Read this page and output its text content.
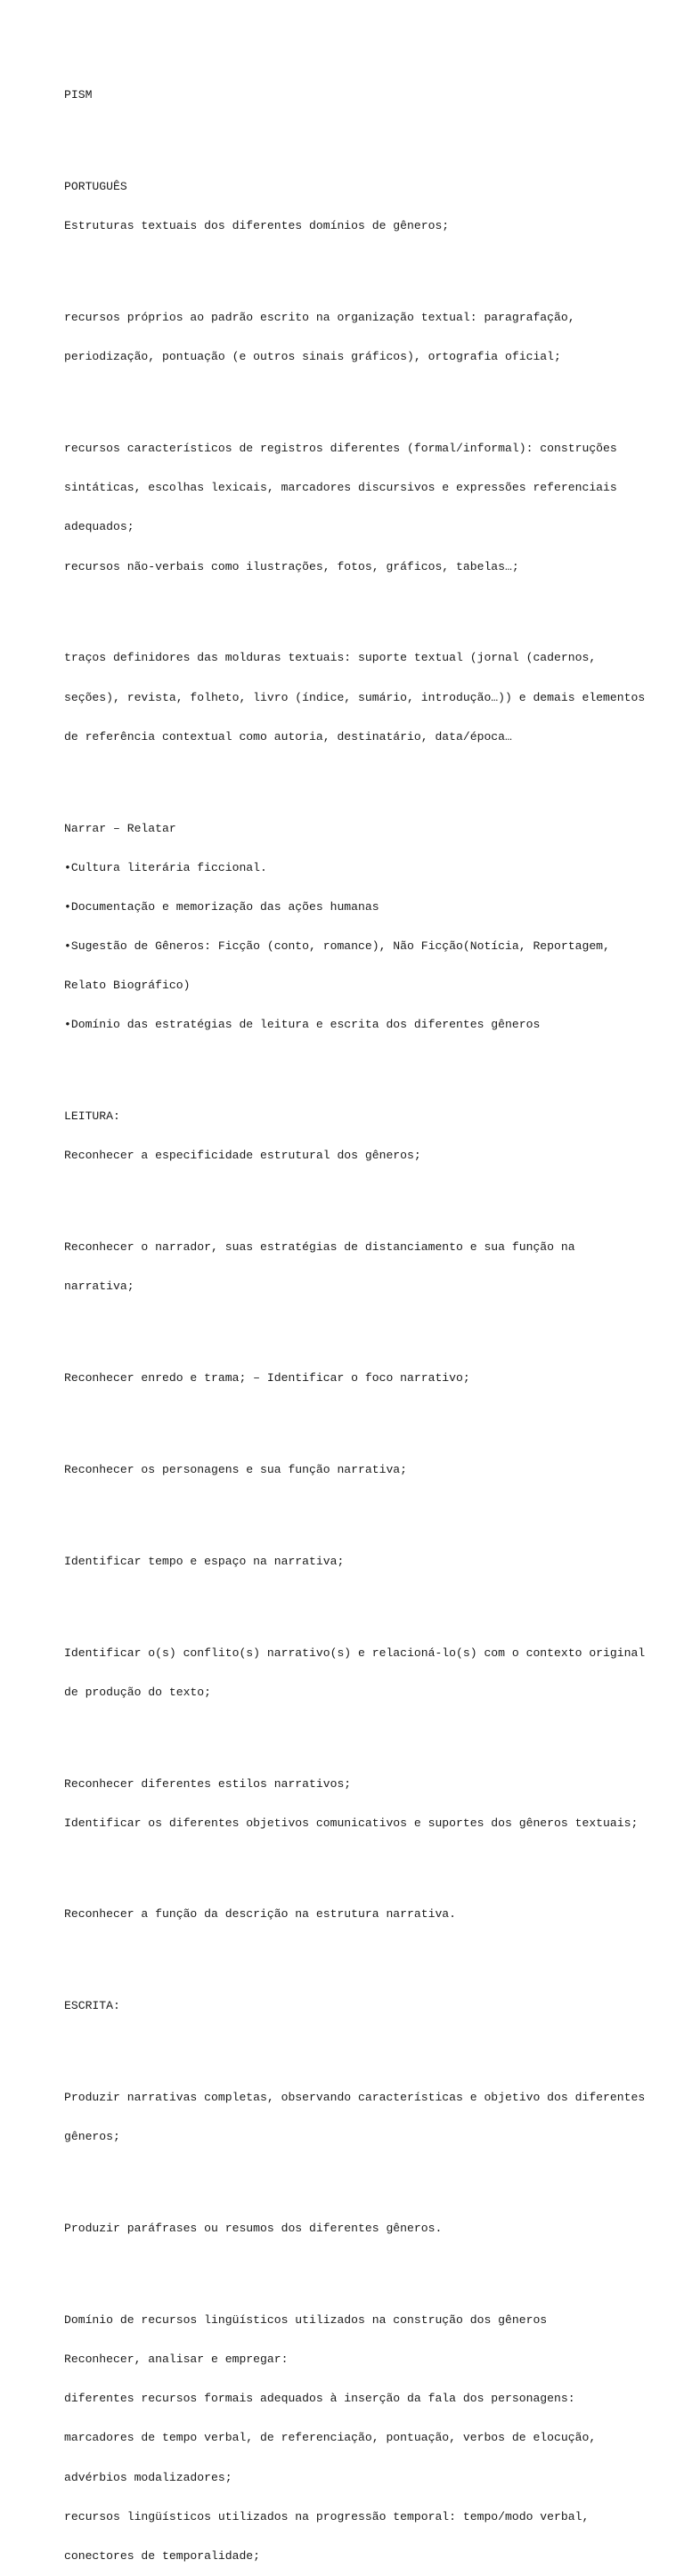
PISM

PORTUGUÊS

Estruturas textuais dos diferentes domínios de gêneros;

recursos próprios ao padrão escrito na organização textual: paragrafação,

periodização, pontuação (e outros sinais gráficos), ortografia oficial;

recursos característicos de registros diferentes (formal/informal): construções

sintáticas, escolhas lexicais, marcadores discursivos e expressões referenciais

adequados;

recursos não-verbais como ilustrações, fotos, gráficos, tabelas…;

traços definidores das molduras textuais: suporte textual (jornal (cadernos,

seções), revista, folheto, livro (índice, sumário, introdução…)) e demais elementos

de referência contextual como autoria, destinatário, data/época…

Narrar – Relatar

•Cultura literária ficcional.

•Documentação e memorização das ações humanas

•Sugestão de Gêneros: Ficção (conto, romance), Não Ficção(Notícia, Reportagem,

Relato Biográfico)

•Domínio das estratégias de leitura e escrita dos diferentes gêneros

LEITURA:

Reconhecer a especificidade estrutural dos gêneros;

Reconhecer o narrador, suas estratégias de distanciamento e sua função na

narrativa;

Reconhecer enredo e trama; – Identificar o foco narrativo;

Reconhecer os personagens e sua função narrativa;

Identificar tempo e espaço na narrativa;

Identificar o(s) conflito(s) narrativo(s) e relacioná-lo(s) com o contexto original

de produção do texto;

Reconhecer diferentes estilos narrativos;

Identificar os diferentes objetivos comunicativos e suportes dos gêneros textuais;

Reconhecer a função da descrição na estrutura narrativa.

ESCRITA:

Produzir narrativas completas, observando características e objetivo dos diferentes

gêneros;

Produzir paráfrases ou resumos dos diferentes gêneros.

Domínio de recursos lingüísticos utilizados na construção dos gêneros

Reconhecer, analisar e empregar:

diferentes recursos formais adequados à inserção da fala dos personagens:

marcadores de tempo verbal, de referenciação, pontuação, verbos de elocução,

advérbios modalizadores;

recursos lingüísticos utilizados na progressão temporal: tempo/modo verbal,

conectores de temporalidade;
